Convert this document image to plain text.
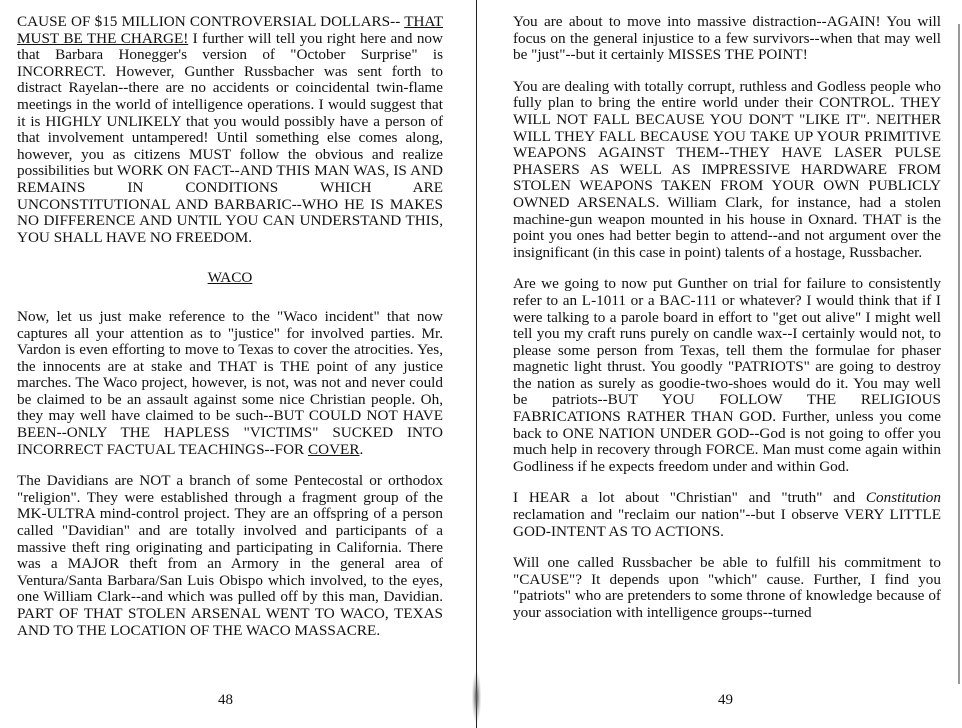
CAUSE OF $15 MILLION CONTROVERSIAL DOLLARS-- THAT MUST BE THE CHARGE! I further will tell you right here and now that Barbara Honegger's version of "October Surprise" is INCORRECT. However, Gunther Russbacher was sent forth to distract Rayelan--there are no accidents or coincidental twin-flame meetings in the world of intelligence operations. I would suggest that it is HIGHLY UNLIKELY that you would possibly have a person of that involvement untampered! Until something else comes along, however, you as citizens MUST follow the obvious and realize possibilities but WORK ON FACT--AND THIS MAN WAS, IS AND REMAINS IN CONDITIONS WHICH ARE UNCONSTITUTIONAL AND BARBARIC--WHO HE IS MAKES NO DIFFERENCE AND UNTIL YOU CAN UNDERSTAND THIS, YOU SHALL HAVE NO FREEDOM.

WACO

Now, let us just make reference to the "Waco incident" that now captures all your attention as to "justice" for involved parties. Mr. Vardon is even efforting to move to Texas to cover the atrocities. Yes, the innocents are at stake and THAT is THE point of any justice marches. The Waco project, however, is not, was not and never could be claimed to be an assault against some nice Christian people. Oh, they may well have claimed to be such--BUT COULD NOT HAVE BEEN--ONLY THE HAPLESS "VICTIMS" SUCKED INTO INCORRECT FACTUAL TEACHINGS--FOR COVER.

The Davidians are NOT a branch of some Pentecostal or orthodox "religion". They were established through a fragment group of the MK-ULTRA mind-control project. They are an offspring of a person called "Davidian" and are totally involved and participants of a massive theft ring originating and participating in California. There was a MAJOR theft from an Armory in the general area of Ventura/Santa Barbara/San Luis Obispo which involved, to the eyes, one William Clark--and which was pulled off by this man, Davidian. PART OF THAT STOLEN ARSENAL WENT TO WACO, TEXAS AND TO THE LOCATION OF THE WACO MASSACRE.

48

You are about to move into massive distraction--AGAIN! You will focus on the general injustice to a few survivors--when that may well be "just"--but it certainly MISSES THE POINT!

You are dealing with totally corrupt, ruthless and Godless people who fully plan to bring the entire world under their CONTROL. THEY WILL NOT FALL BECAUSE YOU DON'T "LIKE IT". NEITHER WILL THEY FALL BECAUSE YOU TAKE UP YOUR PRIMITIVE WEAPONS AGAINST THEM--THEY HAVE LASER PULSE PHASERS AS WELL AS IMPRESSIVE HARDWARE FROM STOLEN WEAPONS TAKEN FROM YOUR OWN PUBLICLY OWNED ARSENALS. William Clark, for instance, had a stolen machine-gun weapon mounted in his house in Oxnard. THAT is the point you ones had better begin to attend--and not argument over the insignificant (in this case in point) talents of a hostage, Russbacher.

Are we going to now put Gunther on trial for failure to consistently refer to an L-1011 or a BAC-111 or whatever? I would think that if I were talking to a parole board in effort to "get out alive" I might well tell you my craft runs purely on candle wax--I certainly would not, to please some person from Texas, tell them the formulae for phaser magnetic light thrust. You goodly "PATRIOTS" are going to destroy the nation as surely as goodie-two-shoes would do it. You may well be patriots--BUT YOU FOLLOW THE RELIGIOUS FABRICATIONS RATHER THAN GOD. Further, unless you come back to ONE NATION UNDER GOD--God is not going to offer you much help in recovery through FORCE. Man must come again within Godliness if he expects freedom under and within God.

I HEAR a lot about "Christian" and "truth" and Constitution reclamation and "reclaim our nation"--but I observe VERY LITTLE GOD-INTENT AS TO ACTIONS.

Will one called Russbacher be able to fulfill his commitment to "CAUSE"? It depends upon "which" cause. Further, I find you "patriots" who are pretenders to some throne of knowledge because of your association with intelligence groups--turned

49
